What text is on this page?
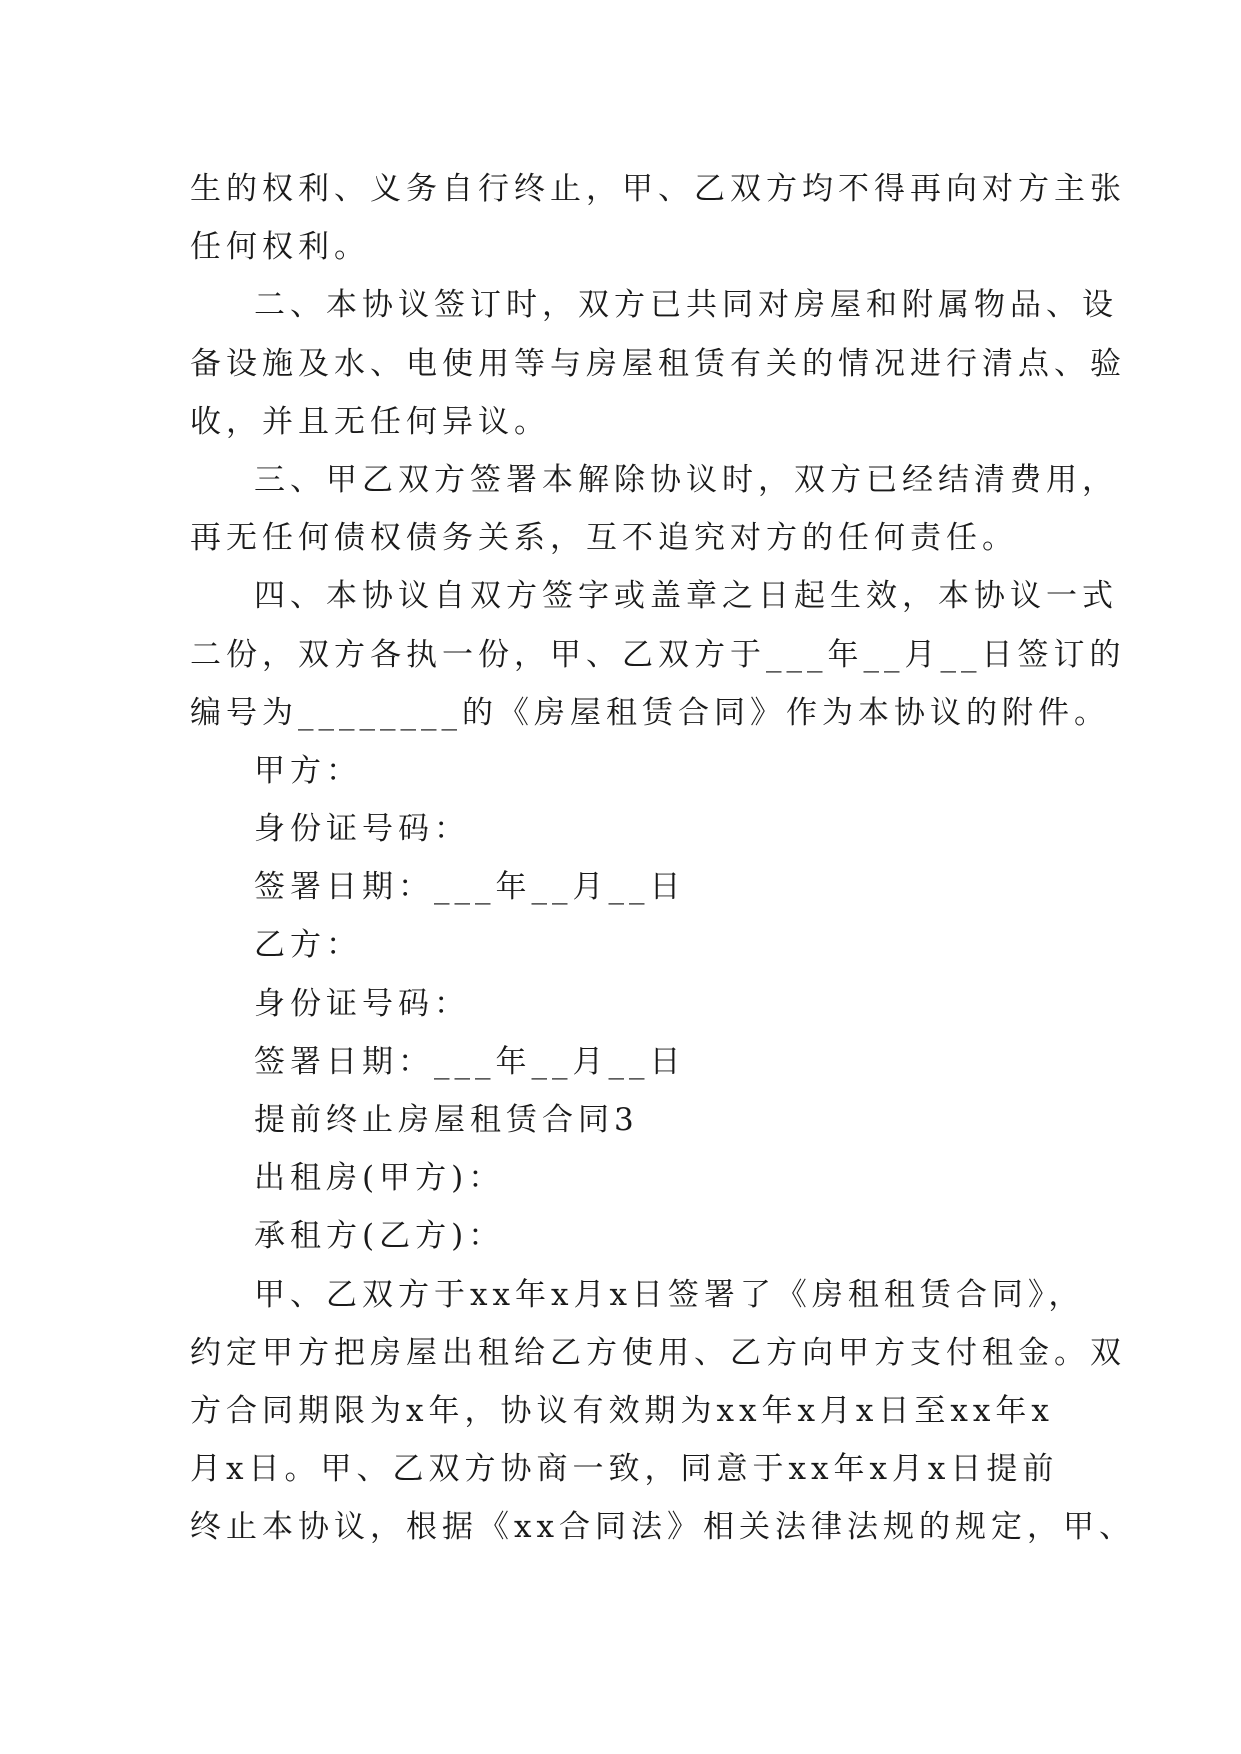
生的权利、义务自行终止，甲、乙双方均不得再向对方主张
任何权利。
二、本协议签订时，双方已共同对房屋和附属物品、设
备设施及水、电使用等与房屋租赁有关的情况进行清点、验
收，并且无任何异议。
三、甲乙双方签署本解除协议时，双方已经结清费用，
再无任何债权债务关系，互不追究对方的任何责任。
四、本协议自双方签字或盖章之日起生效，本协议一式
二份，双方各执一份，甲、乙双方于___年__月__日签订的
编号为________的《房屋租赁合同》作为本协议的附件。
甲方：
身份证号码：
签署日期：___年__月__日
乙方：
身份证号码：
签署日期：___年__月__日
提前终止房屋租赁合同3
出租房(甲方)：
承租方(乙方)：
甲、乙双方于xx年x月x日签署了《房租租赁合同》，
约定甲方把房屋出租给乙方使用、乙方向甲方支付租金。双
方合同期限为x年，协议有效期为xx年x月x日至xx年x
月x日。甲、乙双方协商一致，同意于xx年x月x日提前
终止本协议，根据《xx合同法》相关法律法规的规定，甲、
